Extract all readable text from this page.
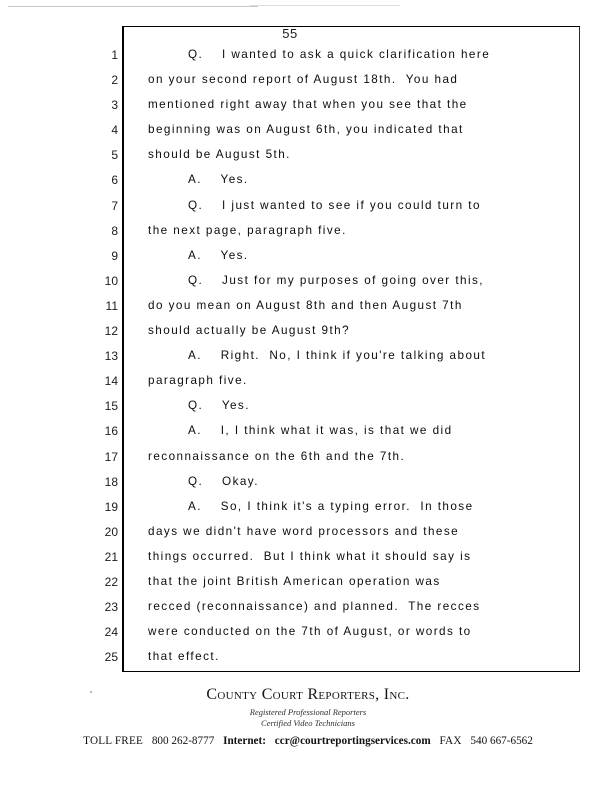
55
1	Q.    I wanted to ask a quick clarification here
2	on your second report of August 18th.  You had
3	mentioned right away that when you see that the
4	beginning was on August 6th, you indicated that
5	should be August 5th.
6	A.    Yes.
7	Q.    I just wanted to see if you could turn to
8	the next page, paragraph five.
9	A.    Yes.
10	Q.    Just for my purposes of going over this,
11	do you mean on August 8th and then August 7th
12	should actually be August 9th?
13	A.    Right.  No, I think if you're talking about
14	paragraph five.
15	Q.    Yes.
16	A.    I, I think what it was, is that we did
17	reconnaissance on the 6th and the 7th.
18	Q.    Okay.
19	A.    So, I think it's a typing error.  In those
20	days we didn't have word processors and these
21	things occurred.  But I think what it should say is
22	that the joint British American operation was
23	recced (reconnaissance) and planned.  The recces
24	were conducted on the 7th of August, or words to
25	that effect.
County Court Reporters, Inc.
Registered Professional Reporters
Certified Video Technicians
TOLL FREE 800 262-8777 Internet: ccr@courtreportingservices.com FAX 540 667-6562
